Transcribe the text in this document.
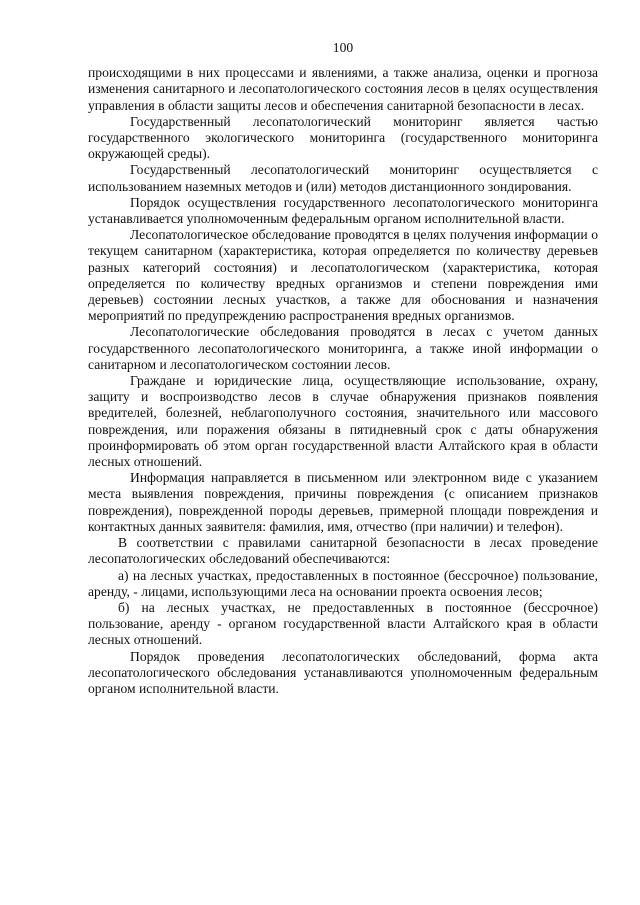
100

происходящими в них процессами и явлениями, а также анализа, оценки и прогноза изменения санитарного и лесопатологического состояния лесов в целях осуществления управления в области защиты лесов и обеспечения санитарной безопасности в лесах.

Государственный лесопатологический мониторинг является частью государственного экологического мониторинга (государственного мониторинга окружающей среды).

Государственный лесопатологический мониторинг осуществляется с использованием наземных методов и (или) методов дистанционного зондирования.

Порядок осуществления государственного лесопатологического мониторинга устанавливается уполномоченным федеральным органом исполнительной власти.

Лесопатологическое обследование проводятся в целях получения информации о текущем санитарном (характеристика, которая определяется по количеству деревьев разных категорий состояния) и лесопатологическом (характеристика, которая определяется по количеству вредных организмов и степени повреждения ими деревьев) состоянии лесных участков, а также для обоснования и назначения мероприятий по предупреждению распространения вредных организмов.

Лесопатологические обследования проводятся в лесах с учетом данных государственного лесопатологического мониторинга, а также иной информации о санитарном и лесопатологическом состоянии лесов.

Граждане и юридические лица, осуществляющие использование, охрану, защиту и воспроизводство лесов в случае обнаружения признаков появления вредителей, болезней, неблагополучного состояния, значительного или массового повреждения, или поражения обязаны в пятидневный срок с даты обнаружения проинформировать об этом орган государственной власти Алтайского края в области лесных отношений.

Информация направляется в письменном или электронном виде с указанием места выявления повреждения, причины повреждения (с описанием признаков повреждения), поврежденной породы деревьев, примерной площади повреждения и контактных данных заявителя: фамилия, имя, отчество (при наличии) и телефон).

В соответствии с правилами санитарной безопасности в лесах проведение лесопатологических обследований обеспечиваются:

а) на лесных участках, предоставленных в постоянное (бессрочное) пользование, аренду, - лицами, использующими леса на основании проекта освоения лесов;

б) на лесных участках, не предоставленных в постоянное (бессрочное) пользование, аренду - органом государственной власти Алтайского края в области лесных отношений.

Порядок проведения лесопатологических обследований, форма акта лесопатологического обследования устанавливаются уполномоченным федеральным органом исполнительной власти.
